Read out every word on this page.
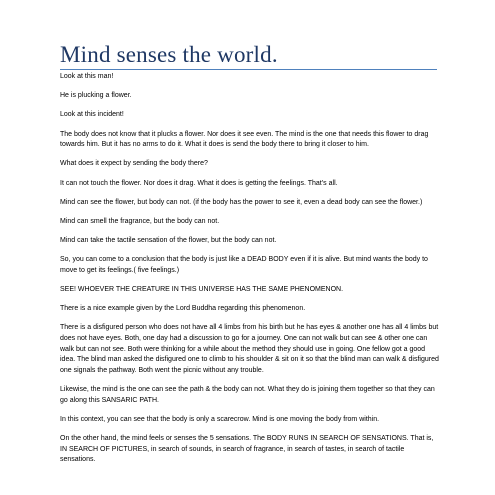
Mind senses the world.

Look at this man!

He is plucking a flower.

Look at this incident!

The body does not know that it plucks a flower. Nor does it see even. The mind is the one that needs this flower to drag towards him. But it has no arms to do it. What it does is send the body there to bring it closer to him.

What does it expect by sending the body there?

It can not touch the flower. Nor does it drag. What it does is getting the feelings. That’s all.

Mind can see the flower, but body can not. (if the body has the power to see it, even a dead body can see the flower.)

Mind can smell the fragrance, but the body can not.

Mind can take the tactile sensation of the flower, but the body can not.

So, you can come to a conclusion that the body is just like a DEAD BODY even if it is alive. But mind wants the body to move to get its feelings.( five feelings.)

SEE! WHOEVER THE CREATURE IN THIS UNIVERSE HAS THE SAME PHENOMENON.

There is a nice example given by the Lord Buddha regarding this phenomenon.

There is a disfigured person who does not have all 4 limbs from his birth but he has eyes & another one has all 4 limbs but does not have eyes. Both, one day had a discussion to go for a journey. One can not walk but can see & other one can walk but can not see. Both were thinking for a while about the method they should use in going. One fellow got a good idea. The blind man asked the disfigured one to climb to his shoulder & sit on it so that the blind man can walk & disfigured one signals the pathway. Both went the picnic without any trouble.

Likewise, the mind is the one can see the path & the body can not. What they do is joining them together so that they can go along this SANSARIC PATH.

In this context, you can see that the body is only a scarecrow. Mind is one moving the body from within.

On the other hand, the mind feels or senses the 5 sensations. The BODY RUNS IN SEARCH OF SENSATIONS. That is, IN SEARCH OF PICTURES, in search of sounds, in search of fragrance, in search of tastes, in search of tactile sensations.
